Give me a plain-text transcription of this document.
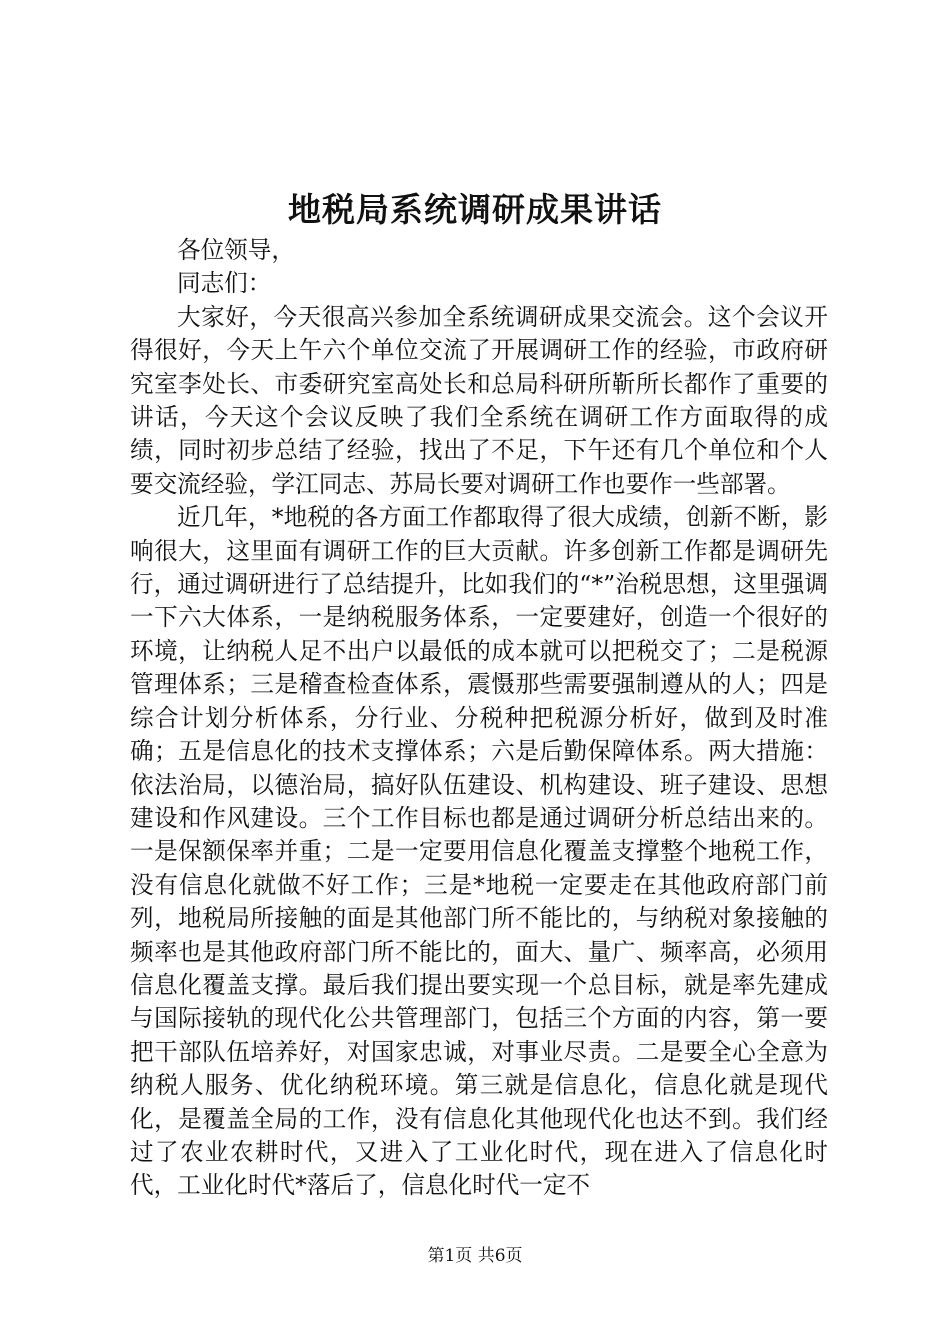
地税局系统调研成果讲话

各位领导，

同志们：

大家好，今天很高兴参加全系统调研成果交流会。这个会议开得很好，今天上午六个单位交流了开展调研工作的经验，市政府研究室李处长、市委研究室高处长和总局科研所靳所长都作了重要的讲话，今天这个会议反映了我们全系统在调研工作方面取得的成绩，同时初步总结了经验，找出了不足，下午还有几个单位和个人要交流经验，学江同志、苏局长要对调研工作也要作一些部署。

近几年，*地税的各方面工作都取得了很大成绩，创新不断，影响很大，这里面有调研工作的巨大贡献。许多创新工作都是调研先行，通过调研进行了总结提升，比如我们的“*”治税思想，这里强调一下六大体系，一是纳税服务体系，一定要建好，创造一个很好的环境，让纳税人足不出户以最低的成本就可以把税交了；二是税源管理体系；三是稽查检查体系，震慑那些需要强制遵从的人；四是综合计划分析体系，分行业、分税种把税源分析好，做到及时准确；五是信息化的技术支撑体系；六是后勤保障体系。两大措施：依法治局，以德治局，搞好队伍建设、机构建设、班子建设、思想建设和作风建设。三个工作目标也都是通过调研分析总结出来的。一是保额保率并重；二是一定要用信息化覆盖支撑整个地税工作，没有信息化就做不好工作；三是*地税一定要走在其他政府部门前列，地税局所接触的面是其他部门所不能比的，与纳税对象接触的频率也是其他政府部门所不能比的，面大、量广、频率高，必须用信息化覆盖支撑。最后我们提出要实现一个总目标，就是率先建成与国际接轨的现代化公共管理部门，包括三个方面的内容，第一要把干部队伍培养好，对国家忠诚，对事业尽责。二是要全心全意为纳税人服务、优化纳税环境。第三就是信息化，信息化就是现代化，是覆盖全局的工作，没有信息化其他现代化也达不到。我们经过了农业农耕时代，又进入了工业化时代，现在进入了信息化时代，工业化时代*落后了，信息化时代一定不

第1页 共6页
